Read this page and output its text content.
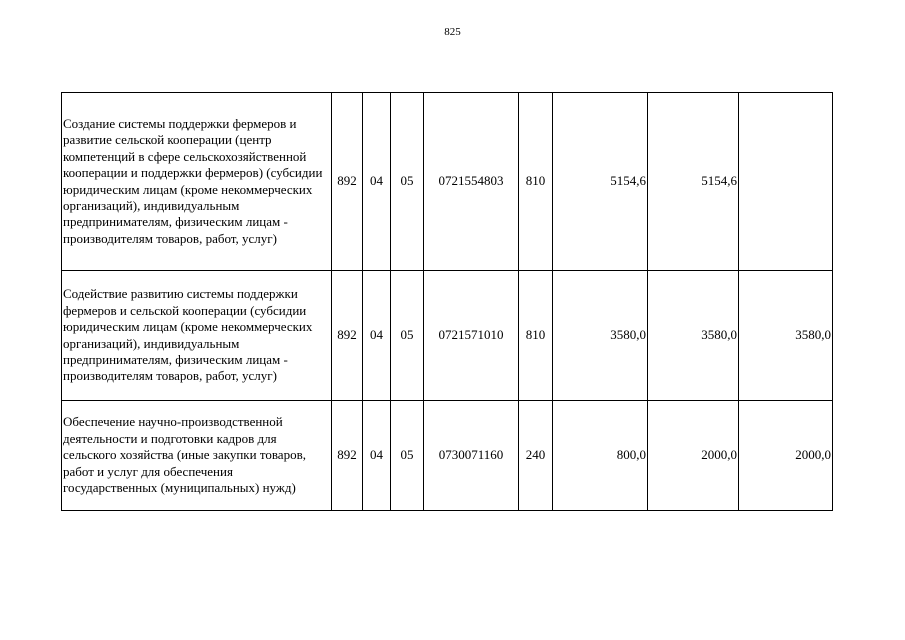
825
Создание системы поддержки фермеров и развитие сельской кооперации (центр компетенций в сфере сельскохозяйственной кооперации и поддержки фермеров) (субсидии юридическим лицам (кроме некоммерческих организаций), индивидуальным предпринимателям, физическим лицам - производителям товаров, работ, услуг)	892	04	05	0721554803	810	5154,6	5154,6	
Содействие развитию системы поддержки фермеров и сельской кооперации (субсидии юридическим лицам (кроме некоммерческих организаций), индивидуальным предпринимателям, физическим лицам - производителям товаров, работ, услуг)	892	04	05	0721571010	810	3580,0	3580,0	3580,0
Обеспечение научно-производственной деятельности и подготовки кадров для сельского хозяйства (иные закупки товаров, работ и услуг для обеспечения государственных (муниципальных) нужд)	892	04	05	0730071160	240	800,0	2000,0	2000,0
